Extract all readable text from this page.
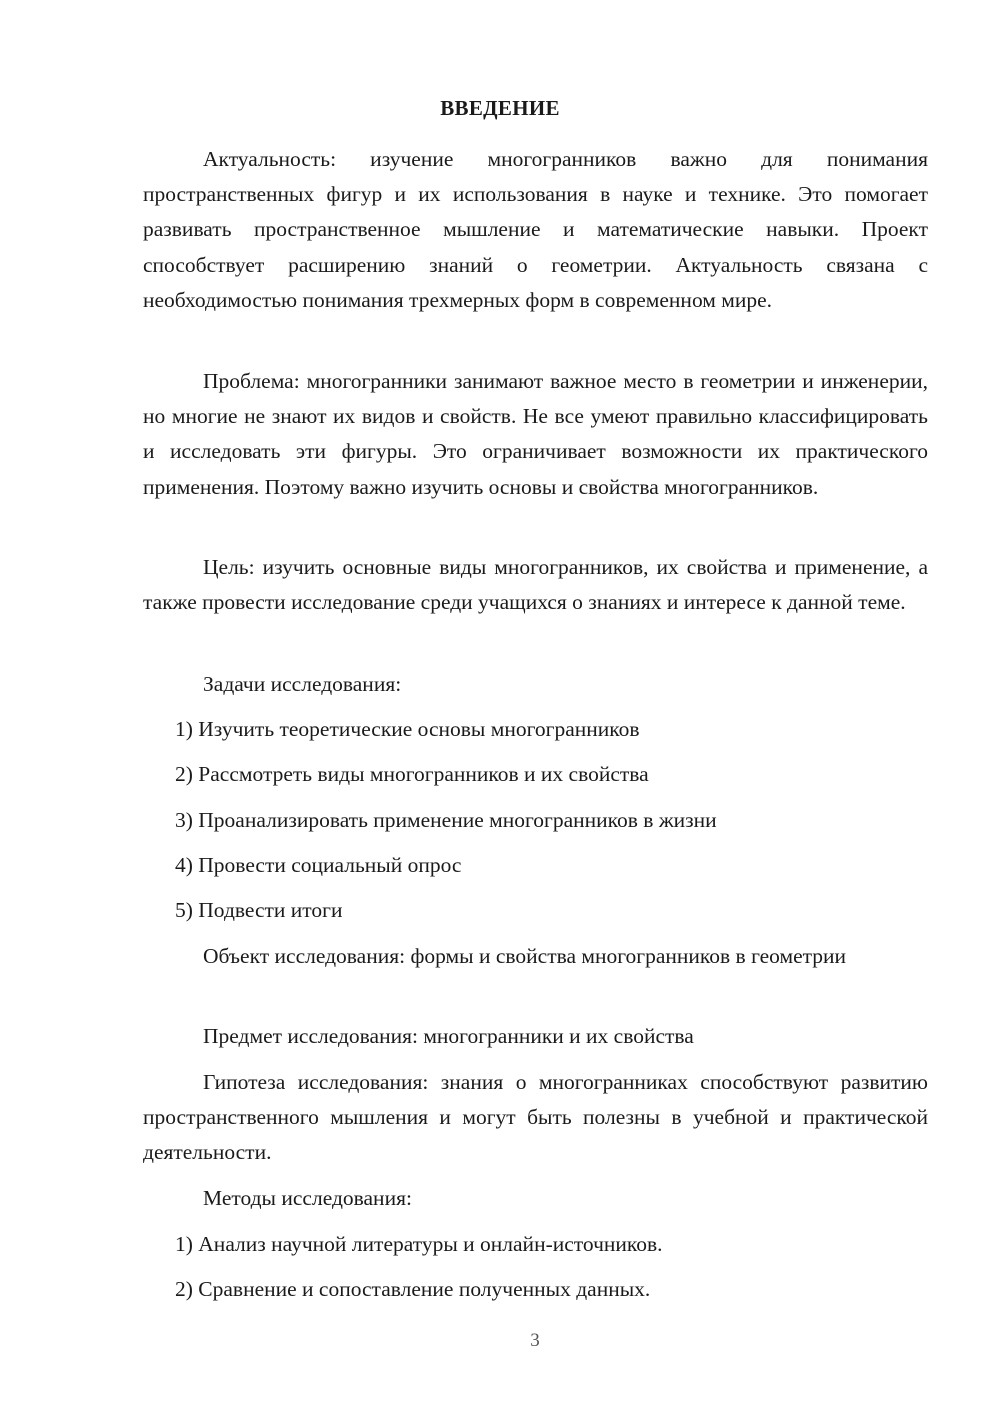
ВВЕДЕНИЕ

Актуальность: изучение многогранников важно для понимания пространственных фигур и их использования в науке и технике. Это помогает развивать пространственное мышление и математические навыки. Проект способствует расширению знаний о геометрии. Актуальность связана с необходимостью понимания трехмерных форм в современном мире.

Проблема: многогранники занимают важное место в геометрии и инженерии, но многие не знают их видов и свойств. Не все умеют правильно классифицировать и исследовать эти фигуры. Это ограничивает возможности их практического применения. Поэтому важно изучить основы и свойства многогранников.

Цель: изучить основные виды многогранников, их свойства и применение, а также провести исследование среди учащихся о знаниях и интересе к данной теме.

Задачи исследования:

1) Изучить теоретические основы многогранников

2) Рассмотреть виды многогранников и их свойства

3) Проанализировать применение многогранников в жизни

4) Провести социальный опрос

5) Подвести итоги

Объект исследования: формы и свойства многогранников в геометрии

Предмет исследования: многогранники и их свойства

Гипотеза исследования: знания о многогранниках способствуют развитию пространственного мышления и могут быть полезны в учебной и практической деятельности.

Методы исследования:

1) Анализ научной литературы и онлайн-источников.

2) Сравнение и сопоставление полученных данных.

3
